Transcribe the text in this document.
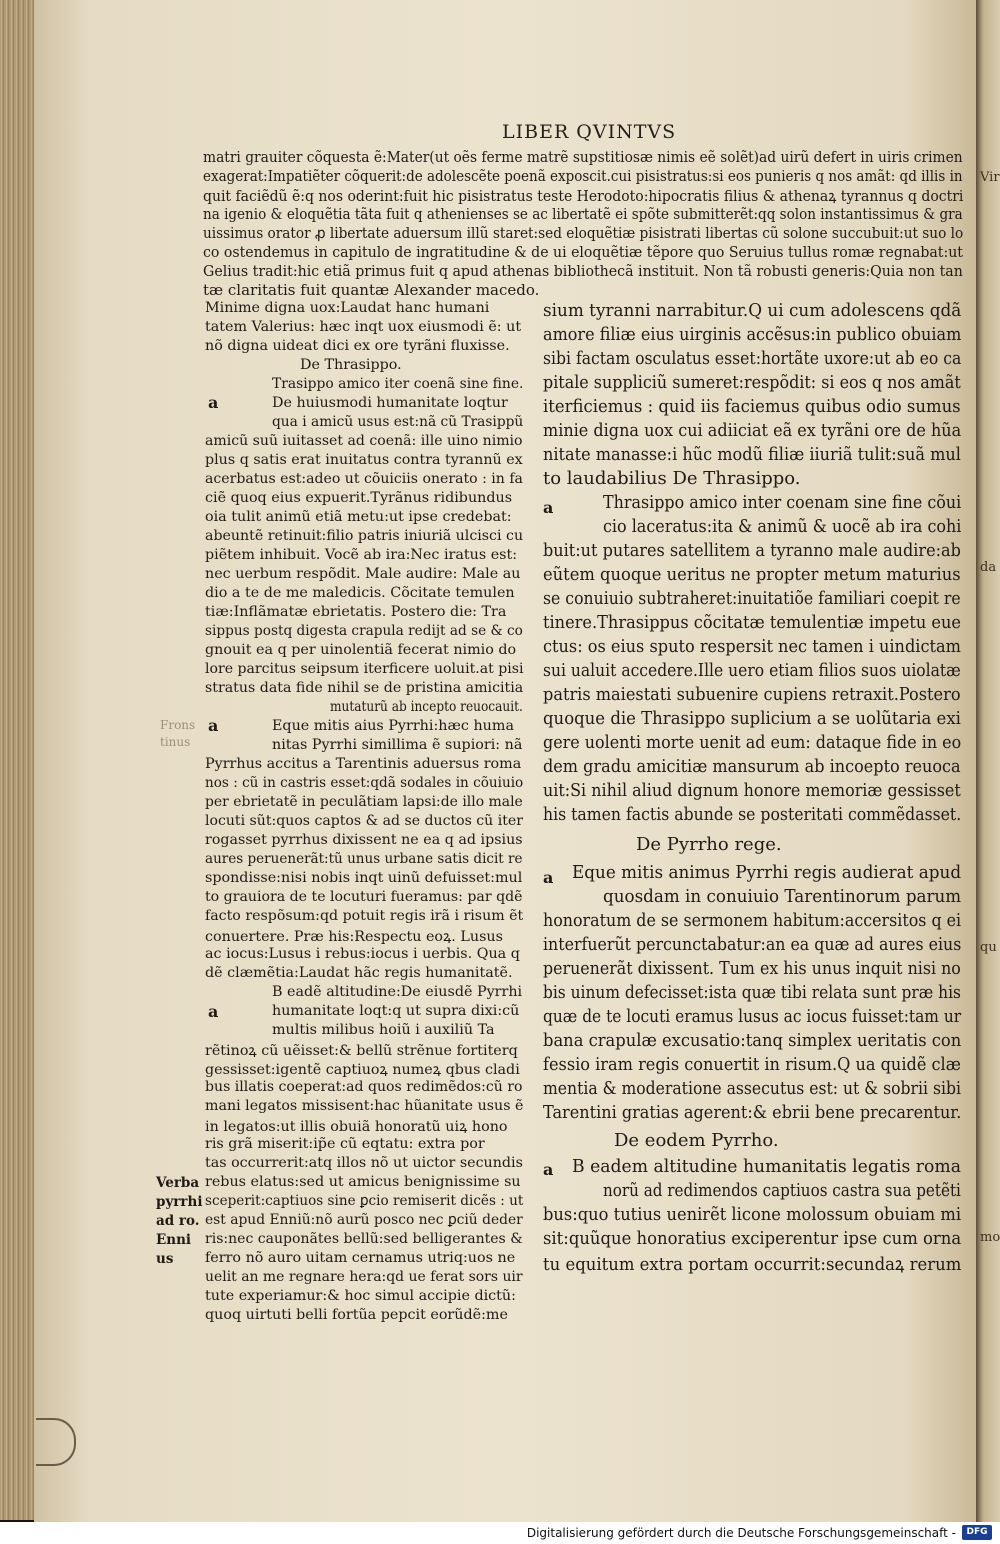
Vir
da
qu
mo
LIBER QVINTVS
matri grauiter cõquesta ẽ:Mater(ut oẽs ferme matrẽ supstitiosæ nimis eẽ solẽt)ad uirũ defert in uiris crimen
exagerat:Impatiẽter cõquerit:de adolescẽte poenã exposcit.cui pisistratus:si eos punieris q nos amãt: qd illis in
quit faciẽdũ ẽ:q nos oderint:fuit hic pisistratus teste Herodoto:hipocratis filius & athenaꝝ tyrannus q doctri
na igenio & eloquẽtia tãta fuit q athenienses se ac libertatẽ ei spõte submitterẽt:qq solon instantissimus & gra
uissimus orator ꝓ libertate aduersum illũ staret:sed eloquẽtiæ pisistrati libertas cũ solone succubuit:ut suo lo
co ostendemus in capitulo de ingratitudine & de ui eloquẽtiæ tẽpore quo Seruius tullus romæ regnabat:ut
Gelius tradit:hic etiã primus fuit q apud athenas bibliothecã instituit. Non tã robusti generis:Quia non tan
tæ claritatis fuit quantæ Alexander macedo.
Minime digna uox:Laudat hanc humani
tatem Valerius: hæc inqt uox eiusmodi ẽ: ut
nõ digna uideat dici ex ore tyrãni fluxisse.
De Thrasippo.
Trasippo amico iter coenã sine fine.
De huiusmodi humanitate loqtur
qua i amicũ usus est:nã cũ Trasippũ
amicũ suũ iuitasset ad coenã: ille uino nimio
plus q satis erat inuitatus contra tyrannũ ex
acerbatus est:adeo ut cõuiciis onerato : in fa
ciẽ quoq eius expuerit.Tyrãnus ridibundus
oia tulit animũ etiã metu:ut ipse credebat:
abeuntẽ retinuit:filio patris iniuriã ulcisci cu
piẽtem inhibuit. Vocẽ ab ira:Nec iratus est:
nec uerbum respõdit. Male audire: Male au
dio a te de me maledicis. Cõcitate temulen
tiæ:Inflãmatæ ebrietatis. Postero die: Tra
sippus postq digesta crapula redijt ad se & co
gnouit ea q per uinolentiã fecerat nimio do
lore parcitus seipsum iterficere uoluit.at pisi
stratus data fide nihil se de pristina amicitia
mutaturũ ab incepto reuocauit.
Eque mitis aius Pyrrhi:hæc huma
nitas Pyrrhi simillima ẽ supiori: nã
Pyrrhus accitus a Tarentinis aduersus roma
nos : cũ in castris esset:qdã sodales in cõuiuio
per ebrietatẽ in peculãtiam lapsi:de illo male
locuti sũt:quos captos & ad se ductos cũ iter
rogasset pyrrhus dixissent ne ea q ad ipsius
aures peruenerãt:tũ unus urbane satis dicit re
spondisse:nisi nobis inqt uinũ defuisset:mul
to grauiora de te locuturi fueramus: par qdẽ
facto respõsum:qd potuit regis irã i risum ẽt
conuertere. Præ his:Respectu eoꝝ. Lusus
ac iocus:Lusus i rebus:iocus i uerbis. Qua q
dẽ clæmẽtia:Laudat hãc regis humanitatẽ.
B eadẽ altitudine:De eiusdẽ Pyrrhi
humanitate loqt:q ut supra dixi:cũ
multis milibus hoiũ i auxiliũ Ta
rẽtinoꝝ cũ uẽisset:& bellũ strẽnue fortiterq
gessisset:igentẽ captiuoꝝ numeꝝ qbus cladi
bus illatis coeperat:ad quos redimẽdos:cũ ro
mani legatos missisent:hac hũanitate usus ẽ
in legatos:ut illis obuiã honoratũ uiꝝ hono
ris grã miserit:ip̃e cũ eqtatu: extra por
tas occurrerit:atq illos nõ ut uictor secundis
rebus elatus:sed ut amicus benignissime su
sceperit:captiuos sine ꝑcio remiserit dicẽs : ut
est apud Enniũ:nõ aurũ posco nec ꝑciũ deder
ris:nec cauponãtes bellũ:sed belligerantes &
ferro nõ auro uitam cernamus utriq:uos ne
uelit an me regnare hera:qd ue ferat sors uir
tute experiamur:& hoc simul accipie dictũ:
quoq uirtuti belli fortũa pepcit eorũdẽ:me
a
a
a
a
a
a
Frons
tinus
Verba
pyrrhi
ad ro.
Enni
us
sium tyranni narrabitur.Q ui cum adolescens qdã
amore filiæ eius uirginis accẽsus:in publico obuiam
sibi factam osculatus esset:hortãte uxore:ut ab eo ca
pitale suppliciũ sumeret:respõdit: si eos q nos amãt
iterficiemus : quid iis faciemus quibus odio sumus
minie digna uox cui adiiciat eã ex tyrãni ore de hũa
nitate manasse:i hũc modũ filiæ iiuriã tulit:suã mul
to laudabilius De Thrasippo.
Thrasippo amico inter coenam sine fine cõui
cio laceratus:ita & animũ & uocẽ ab ira cohi
buit:ut putares satellitem a tyranno male audire:ab
eũtem quoque ueritus ne propter metum maturius
se conuiuio subtraheret:inuitatiõe familiari coepit re
tinere.Thrasippus cõcitatæ temulentiæ impetu eue
ctus: os eius sputo respersit nec tamen i uindictam
sui ualuit accedere.Ille uero etiam filios suos uiolatæ
patris maiestati subuenire cupiens retraxit.Postero
quoque die Thrasippo suplicium a se uolũtaria exi
gere uolenti morte uenit ad eum: dataque fide in eo
dem gradu amicitiæ mansurum ab incoepto reuoca
uit:Si nihil aliud dignum honore memoriæ gessisset
his tamen factis abunde se posteritati commẽdasset.
De Pyrrho rege.
Eque mitis animus Pyrrhi regis audierat apud
quosdam in conuiuio Tarentinorum parum
honoratum de se sermonem habitum:accersitos q ei
interfuerũt percunctabatur:an ea quæ ad aures eius
peruenerãt dixissent. Tum ex his unus inquit nisi no
bis uinum defecisset:ista quæ tibi relata sunt præ his
quæ de te locuti eramus lusus ac iocus fuisset:tam ur
bana crapulæ excusatio:tanq simplex ueritatis con
fessio iram regis conuertit in risum.Q ua quidẽ clæ
mentia & moderatione assecutus est: ut & sobrii sibi
Tarentini gratias agerent:& ebrii bene precarentur.
De eodem Pyrrho.
B eadem altitudine humanitatis legatis roma
norũ ad redimendos captiuos castra sua petẽti
bus:quo tutius uenirẽt licone molossum obuiam mi
sit:quũque honoratius exciperentur ipse cum orna
tu equitum extra portam occurrit:secundaꝝ rerum
Digitalisierung gefördert durch die Deutsche Forschungsgemeinschaft -	DFG
